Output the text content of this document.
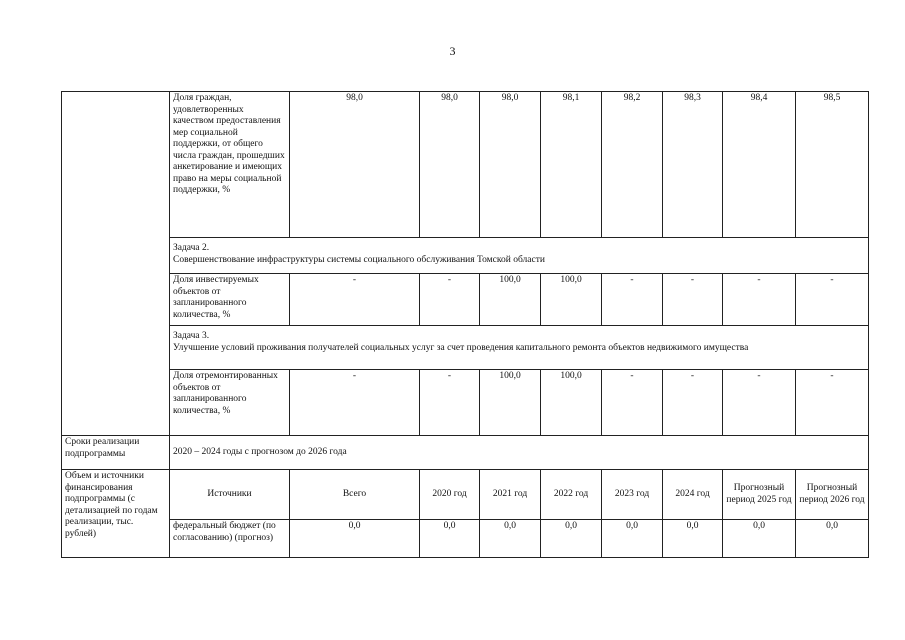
3
	Доля граждан, удовлетворенных качеством предоставления мер социальной поддержки, от общего числа граждан, прошедших анкетирование и имеющих право на меры социальной поддержки, %	98,0	98,0	98,0	98,1	98,2	98,3	98,4	98,5	

	Задача 2.
Совершенствование инфраструктуры системы социального обслуживания Томской области									

	Доля инвестируемых объектов от запланированного количества, %	-	-	100,0	100,0	-	-	-	-	

	Задача 3.
Улучшение условий проживания получателей социальных услуг за счет проведения капитального ремонта объектов недвижимого имущества									

	Доля отремонтированных объектов от запланированного количества, %	-	-	100,0	100,0	-	-	-	-	
Сроки реализации подпрограммы	2020 – 2024 годы с прогнозом до 2026 года									
Объем и источники финансирования подпрограммы (с детализацией по годам реализации, тыс. рублей)	Источники	Всего	2020 год	2021 год	2022 год	2023 год	2024 год	Прогнозный период 2025 год	Прогнозный период 2026 год	
	федеральный бюджет (по согласованию) (прогноз)	0,0	0,0	0,0	0,0	0,0	0,0	0,0	0,0	
